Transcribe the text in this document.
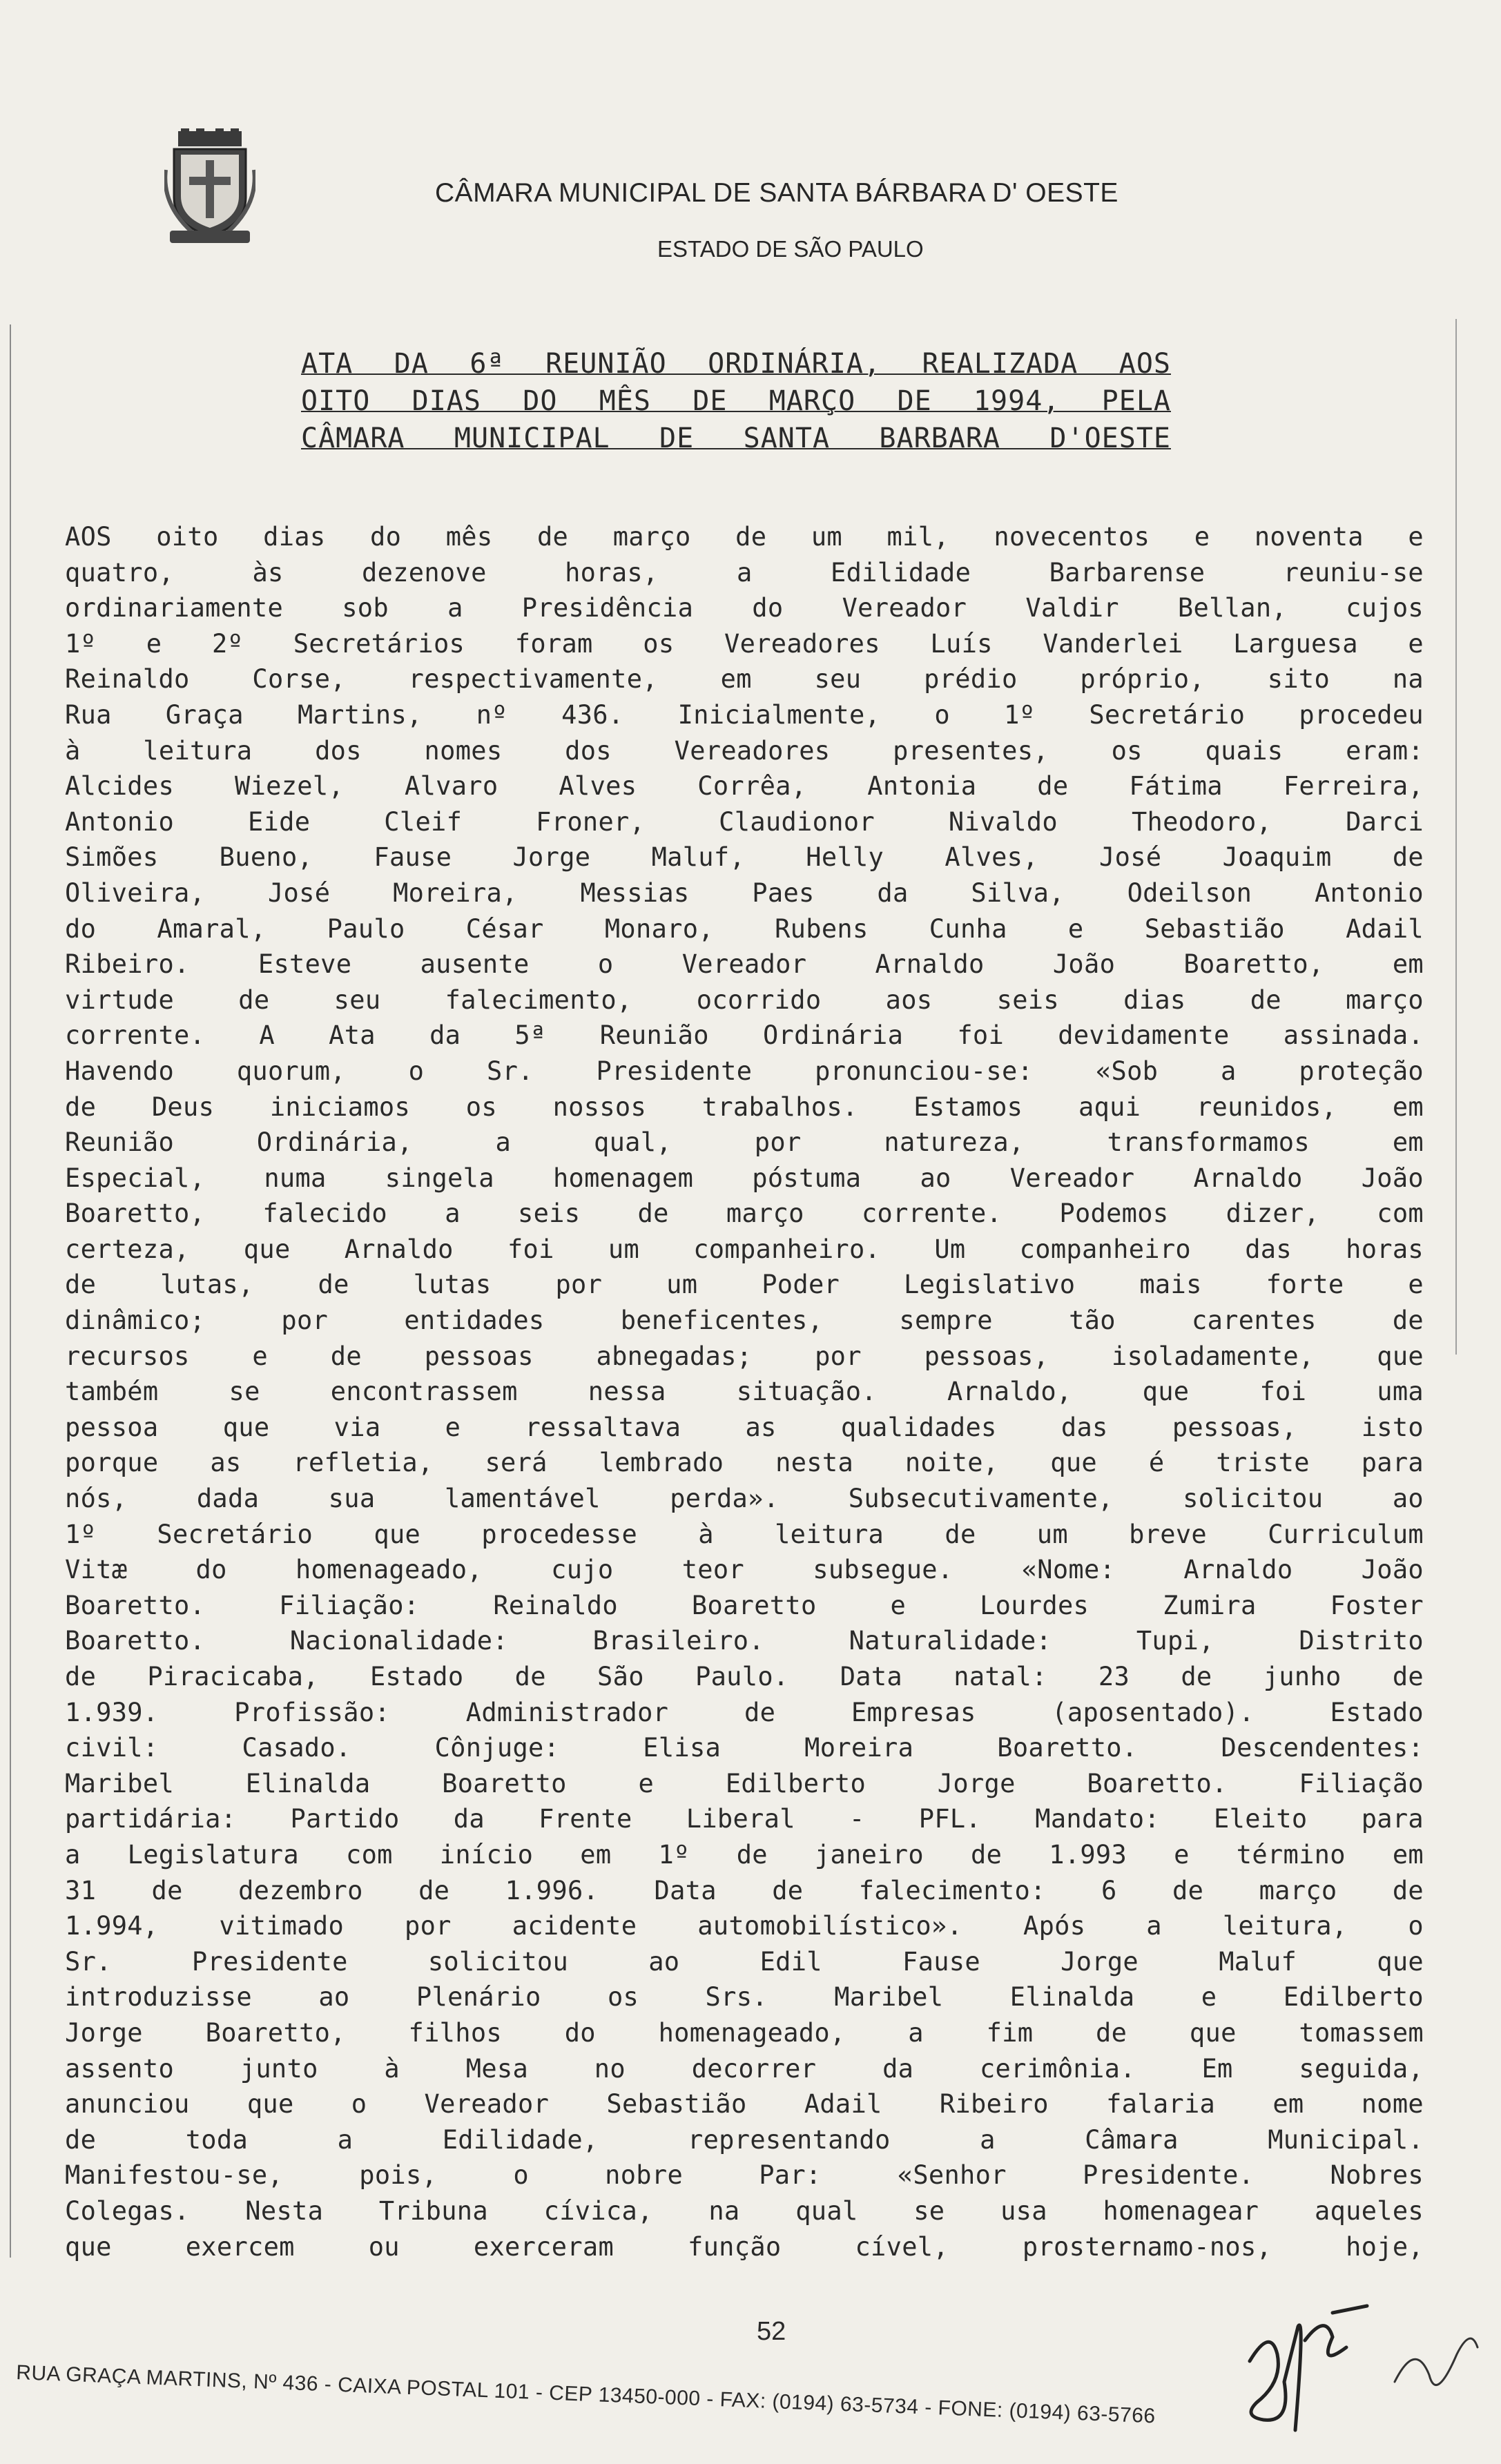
CÂMARA MUNICIPAL DE SANTA BÁRBARA D' OESTE
ESTADO DE SÃO PAULO
ATA DA 6ª REUNIÃO ORDINÁRIA, REALIZADA AOS
OITO DIAS DO MÊS DE MARÇO DE 1994, PELA
CÂMARA MUNICIPAL DE SANTA BARBARA D'OESTE
AOS oito dias do mês de março de um mil, novecentos e noventa e
quatro, às dezenove horas, a Edilidade Barbarense reuniu-se
ordinariamente sob a Presidência do Vereador Valdir Bellan, cujos
1º e 2º Secretários foram os Vereadores Luís Vanderlei Larguesa e
Reinaldo Corse, respectivamente, em seu prédio próprio, sito na
Rua Graça Martins, nº 436. Inicialmente, o 1º Secretário procedeu
à leitura dos nomes dos Vereadores presentes, os quais eram:
Alcides Wiezel, Alvaro Alves Corrêa, Antonia de Fátima Ferreira,
Antonio Eide Cleif Froner, Claudionor Nivaldo Theodoro, Darci
Simões Bueno, Fause Jorge Maluf, Helly Alves, José Joaquim de
Oliveira, José Moreira, Messias Paes da Silva, Odeilson Antonio
do Amaral, Paulo César Monaro, Rubens Cunha e Sebastião Adail
Ribeiro. Esteve ausente o Vereador Arnaldo João Boaretto, em
virtude de seu falecimento, ocorrido aos seis dias de março
corrente. A Ata da 5ª Reunião Ordinária foi devidamente assinada.
Havendo quorum, o Sr. Presidente pronunciou-se: «Sob a proteção
de Deus iniciamos os nossos trabalhos. Estamos aqui reunidos, em
Reunião Ordinária, a qual, por natureza, transformamos em
Especial, numa singela homenagem póstuma ao Vereador Arnaldo João
Boaretto, falecido a seis de março corrente. Podemos dizer, com
certeza, que Arnaldo foi um companheiro. Um companheiro das horas
de lutas, de lutas por um Poder Legislativo mais forte e
dinâmico; por entidades beneficentes, sempre tão carentes de
recursos e de pessoas abnegadas; por pessoas, isoladamente, que
também se encontrassem nessa situação. Arnaldo, que foi uma
pessoa que via e ressaltava as qualidades das pessoas, isto
porque as refletia, será lembrado nesta noite, que é triste para
nós, dada sua lamentável perda». Subsecutivamente, solicitou ao
1º Secretário que procedesse à leitura de um breve Curriculum
Vitæ do homenageado, cujo teor subsegue. «Nome: Arnaldo João
Boaretto. Filiação: Reinaldo Boaretto e Lourdes Zumira Foster
Boaretto. Nacionalidade: Brasileiro. Naturalidade: Tupi, Distrito
de Piracicaba, Estado de São Paulo. Data natal: 23 de junho de
1.939. Profissão: Administrador de Empresas (aposentado). Estado
civil: Casado. Cônjuge: Elisa Moreira Boaretto. Descendentes:
Maribel Elinalda Boaretto e Edilberto Jorge Boaretto. Filiação
partidária: Partido da Frente Liberal - PFL. Mandato: Eleito para
a Legislatura com início em 1º de janeiro de 1.993 e término em
31 de dezembro de 1.996. Data de falecimento: 6 de março de
1.994, vitimado por acidente automobilístico». Após a leitura, o
Sr. Presidente solicitou ao Edil Fause Jorge Maluf que
introduzisse ao Plenário os Srs. Maribel Elinalda e Edilberto
Jorge Boaretto, filhos do homenageado, a fim de que tomassem
assento junto à Mesa no decorrer da cerimônia. Em seguida,
anunciou que o Vereador Sebastião Adail Ribeiro falaria em nome
de toda a Edilidade, representando a Câmara Municipal.
Manifestou-se, pois, o nobre Par: «Senhor Presidente. Nobres
Colegas. Nesta Tribuna cívica, na qual se usa homenagear aqueles
que exercem ou exerceram função cível, prosternamo-nos, hoje,
52
RUA GRAÇA MARTINS, Nº 436 - CAIXA POSTAL 101 - CEP 13450-000 - FAX: (0194) 63-5734 - FONE: (0194) 63-5766
